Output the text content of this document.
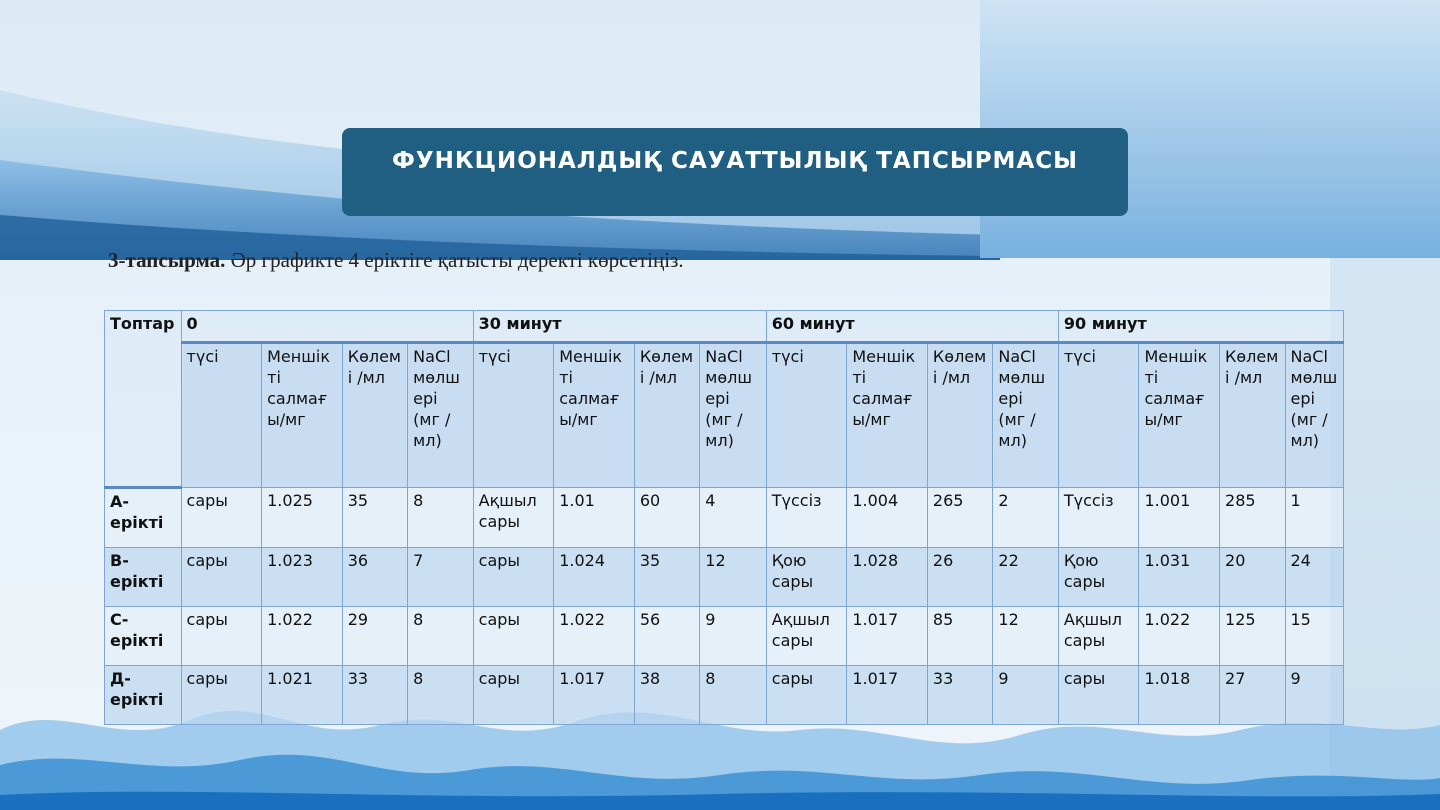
ФУНКЦИОНАЛДЫҚ САУАТТЫЛЫҚ ТАПСЫРМАСЫ
3-тапсырма. Әр графикте 4 еріктіге қатысты деректі көрсетіңіз.
Топтар	0				30 минут				60 минут				90 минут			
	түсі	Меншікті салмағы/мг	Көлемі /мл	NaCl мөлшері (мг / мл)	түсі	Меншікті салмағы/мг	Көлемі /мл	NaCl мөлшері (мг / мл)	түсі	Меншікті салмағы/мг	Көлемі /мл	NaCl мөлшері (мг / мл)	түсі	Меншікті салмағы/мг	Көлемі /мл	NaCl мөлшері (мг / мл)
А-ерікті	сары	1.025	35	8	Ақшыл сары	1.01	60	4	Түссіз	1.004	265	2	Түссіз	1.001	285	1
В-ерікті	сары	1.023	36	7	сары	1.024	35	12	Қою сары	1.028	26	22	Қою сары	1.031	20	24
С-ерікті	сары	1.022	29	8	сары	1.022	56	9	Ақшыл сары	1.017	85	12	Ақшыл сары	1.022	125	15
Д-ерікті	сары	1.021	33	8	сары	1.017	38	8	сары	1.017	33	9	сары	1.018	27	9
